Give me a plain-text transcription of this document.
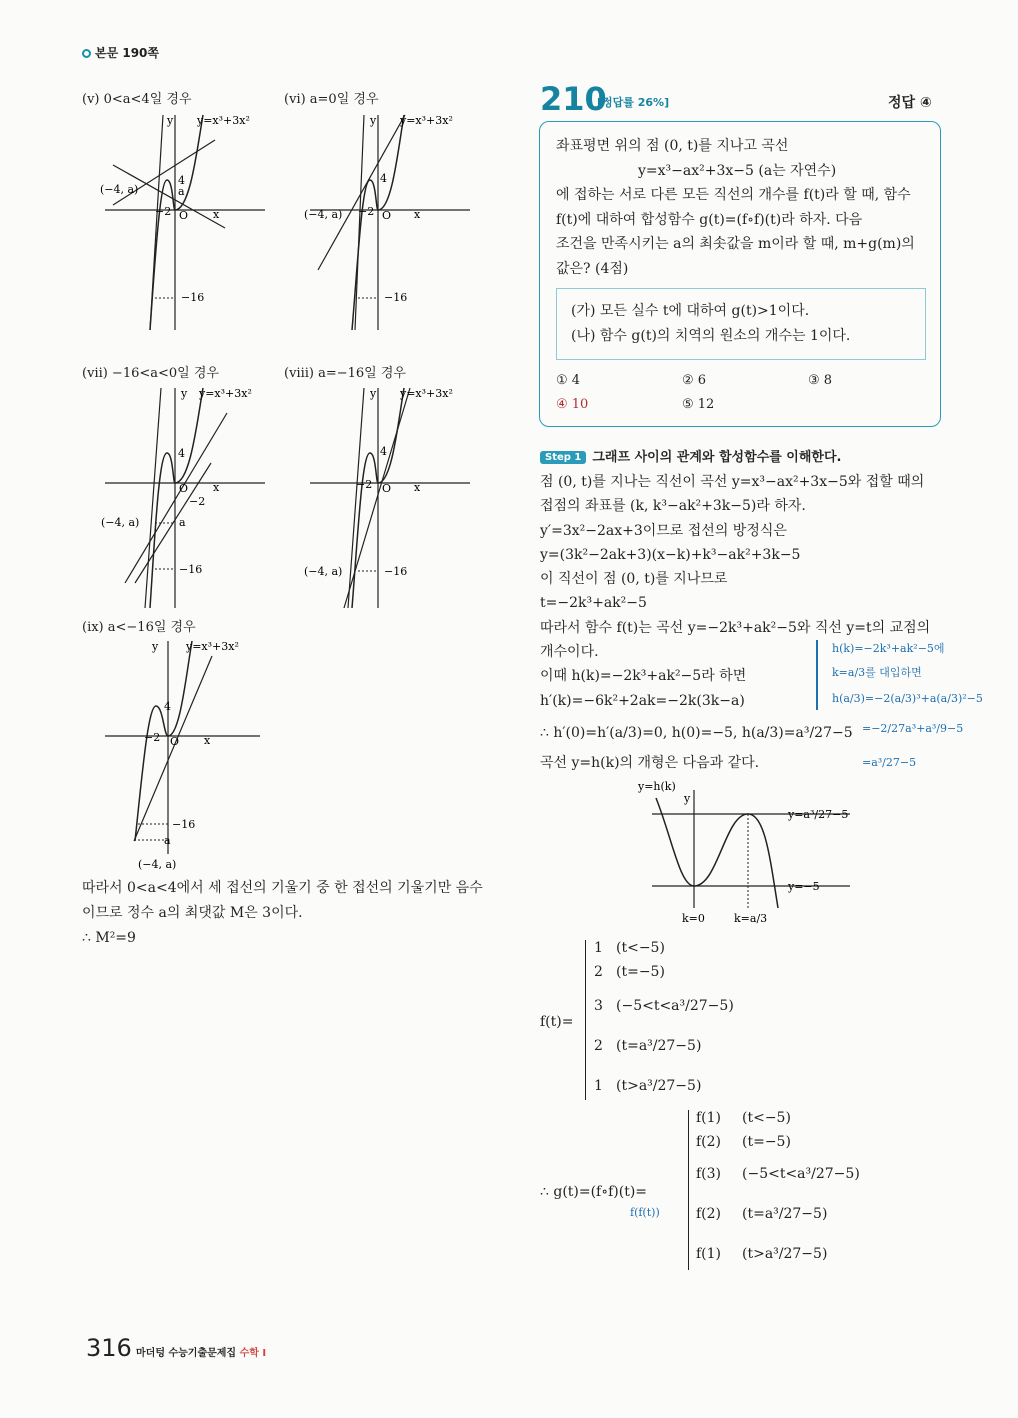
본문 190쪽
(ⅴ) 0<a<4일 경우	(ⅵ) a=0일 경우
(ⅶ) −16<a<0일 경우	(ⅷ) a=−16일 경우
(ⅸ) a<−16일 경우
y=x³+3x²
y
x
4
−2 O
−16
(−4, a)	a
y=x³+3x²
y
x
4
−2 O
−16
(−4, a)
y=x³+3x²
y
x
4
O
−2
a
−16
(−4, a)
y=x³+3x²
y
x
4
−2 O
−16
(−4, a)
y=x³+3x²
y
x
4
−2 O
−16
a
(−4, a)
따라서 0<a<4에서 세 접선의 기울기 중 한 접선의 기울기만 음수
이므로 정수 a의 최댓값 M은 3이다.
∴ M²=9
210
[정답률 26%]	정답 ④
좌표평면 위의 점 (0, t)를 지나고 곡선
y=x³−ax²+3x−5 (a는 자연수)
에 접하는 서로 다른 모든 직선의 개수를 f(t)라 할 때, 함수
f(t)에 대하여 합성함수 g(t)=(f∘f)(t)라 하자. 다음
조건을 만족시키는 a의 최솟값을 m이라 할 때, m+g(m)의
값은? (4점)
(가) 모든 실수 t에 대하여 g(t)>1이다.
(나) 함수 g(t)의 치역의 원소의 개수는 1이다.
① 4	② 6	③ 8
④ 10	⑤ 12
Step 1 그래프 사이의 관계와 합성함수를 이해한다.
점 (0, t)를 지나는 직선이 곡선 y=x³−ax²+3x−5와 접할 때의
접점의 좌표를 (k, k³−ak²+3k−5)라 하자.
y′=3x²−2ax+3이므로 접선의 방정식은
y=(3k²−2ak+3)(x−k)+k³−ak²+3k−5
이 직선이 점 (0, t)를 지나므로
t=−2k³+ak²−5
따라서 함수 f(t)는 곡선 y=−2k³+ak²−5와 직선 y=t의 교점의
개수이다.
이때 h(k)=−2k³+ak²−5라 하면
h′(k)=−6k²+2ak=−2k(3k−a)
∴ h′(0)=h′(a/3)=0, h(0)=−5, h(a/3)=a³/27−5
곡선 y=h(k)의 개형은 다음과 같다.
h(k)=−2k³+ak²−5에
k=a/3를 대입하면
h(a/3)=−2(a/3)³+a(a/3)²−5
=−2/27a³+a³/9−5
=a³/27−5
y=h(k)
y
y=a³/27−5
y=−5
k=0	k=a/3
f(t)=
1 (t<−5)
2 (t=−5)
3 (−5<t<a³/27−5)
2 (t=a³/27−5)
1 (t>a³/27−5)
∴ g(t)=(f∘f)(t)=
f(f(t))
f(1) (t<−5)
f(2) (t=−5)
f(3) (−5<t<a³/27−5)
f(2) (t=a³/27−5)
f(1) (t>a³/27−5)
316 마더텅 수능기출문제집 수학 I
